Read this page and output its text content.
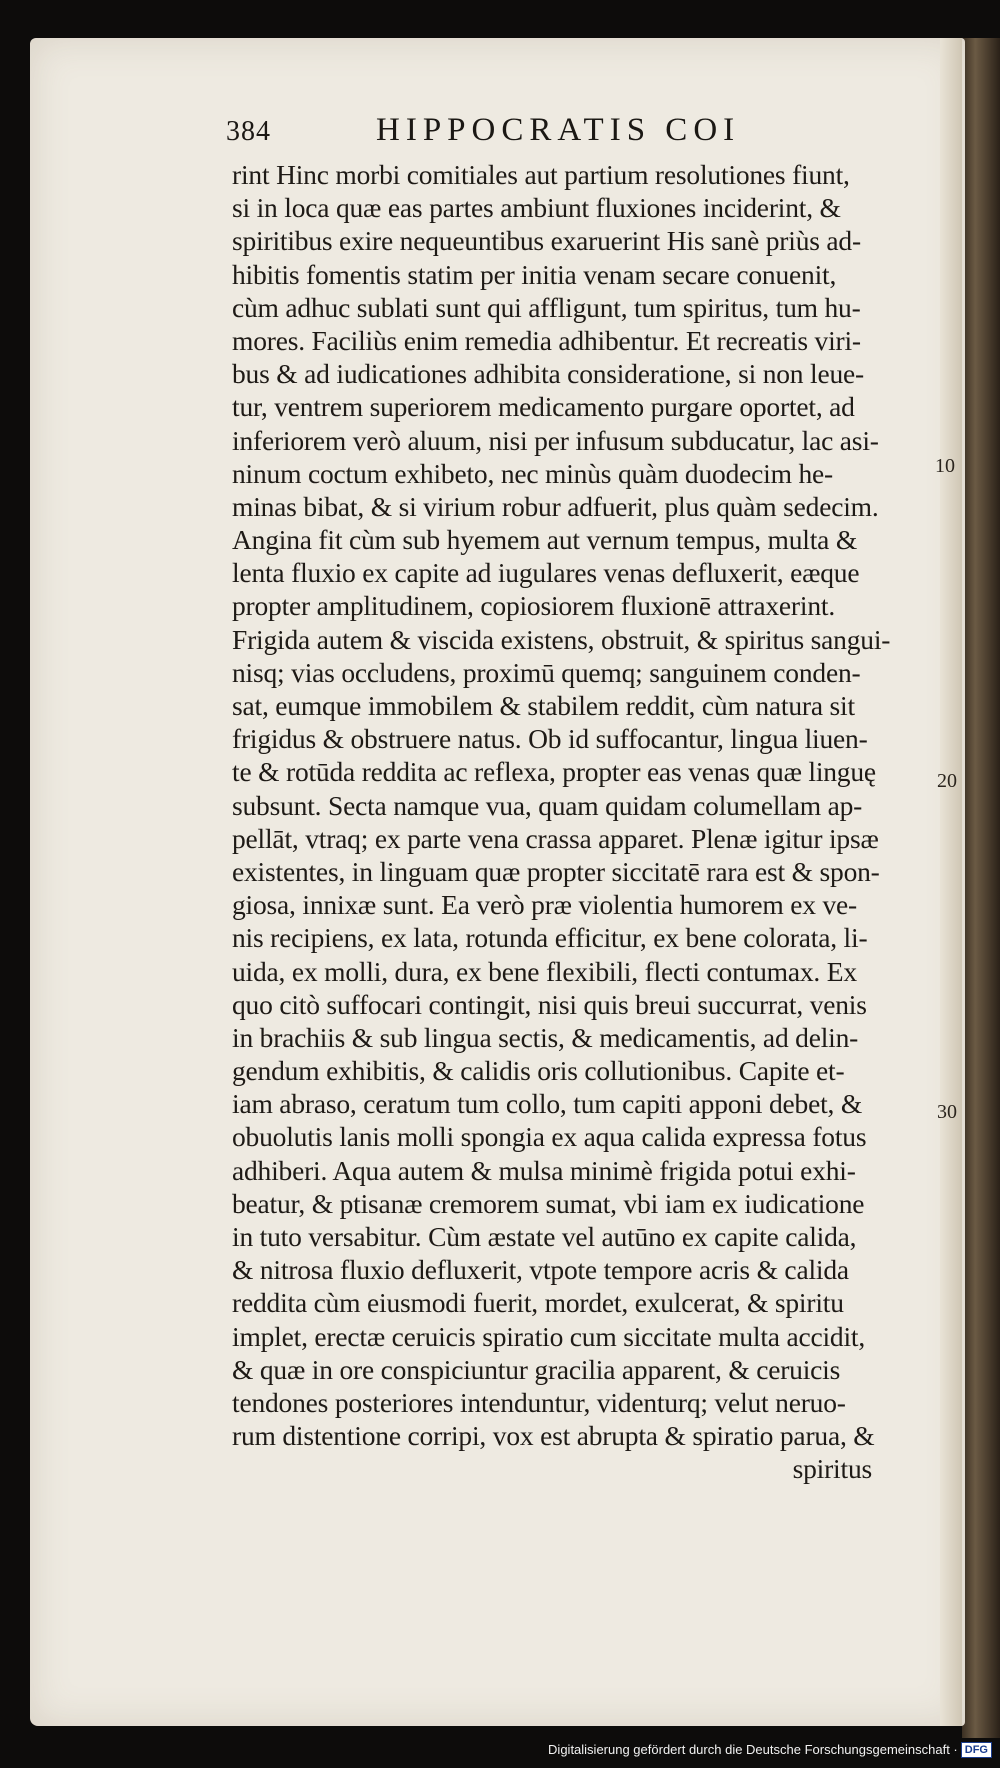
384	HIPPOCRATIS COI
rint Hinc morbi comitiales aut partium resolutiones fiunt,
si in loca quæ eas partes ambiunt fluxiones inciderint, &
spiritibus exire nequeuntibus exaruerint His sanè priùs ad-
hibitis fomentis statim per initia venam secare conuenit,
cùm adhuc sublati sunt qui affligunt, tum spiritus, tum hu-
mores. Faciliùs enim remedia adhibentur. Et recreatis viri-
bus & ad iudicationes adhibita consideratione, si non leue-
tur, ventrem superiorem medicamento purgare oportet, ad
inferiorem verò aluum, nisi per infusum subducatur, lac asi-
ninum coctum exhibeto, nec minùs quàm duodecim he-
minas bibat, & si virium robur adfuerit, plus quàm sedecim.
Angina fit cùm sub hyemem aut vernum tempus, multa &
lenta fluxio ex capite ad iugulares venas defluxerit, eæque
propter amplitudinem, copiosiorem fluxionē attraxerint.
Frigida autem & viscida existens, obstruit, & spiritus sangui-
nisq; vias occludens, proximū quemq; sanguinem conden-
sat, eumque immobilem & stabilem reddit, cùm natura sit
frigidus & obstruere natus. Ob id suffocantur, lingua liuen-
te & rotūda reddita ac reflexa, propter eas venas quæ linguę
subsunt. Secta namque vua, quam quidam columellam ap-
pellāt, vtraq; ex parte vena crassa apparet. Plenæ igitur ipsæ
existentes, in linguam quæ propter siccitatē rara est & spon-
giosa, innixæ sunt. Ea verò præ violentia humorem ex ve-
nis recipiens, ex lata, rotunda efficitur, ex bene colorata, li-
uida, ex molli, dura, ex bene flexibili, flecti contumax. Ex
quo citò suffocari contingit, nisi quis breui succurrat, venis
in brachiis & sub lingua sectis, & medicamentis, ad delin-
gendum exhibitis, & calidis oris collutionibus. Capite et-
iam abraso, ceratum tum collo, tum capiti apponi debet, &
obuolutis lanis molli spongia ex aqua calida expressa fotus
adhiberi. Aqua autem & mulsa minimè frigida potui exhi-
beatur, & ptisanæ cremorem sumat, vbi iam ex iudicatione
in tuto versabitur. Cùm æstate vel autūno ex capite calida,
& nitrosa fluxio defluxerit, vtpote tempore acris & calida
reddita cùm eiusmodi fuerit, mordet, exulcerat, & spiritu
implet, erectæ ceruicis spiratio cum siccitate multa accidit,
& quæ in ore conspiciuntur gracilia apparent, & ceruicis
tendones posteriores intenduntur, videnturq; velut neruo-
rum distentione corripi, vox est abrupta & spiratio parua, &
spiritus
10
20
30
Digitalisierung gefördert durch die Deutsche Forschungsgemeinschaft · DFG
